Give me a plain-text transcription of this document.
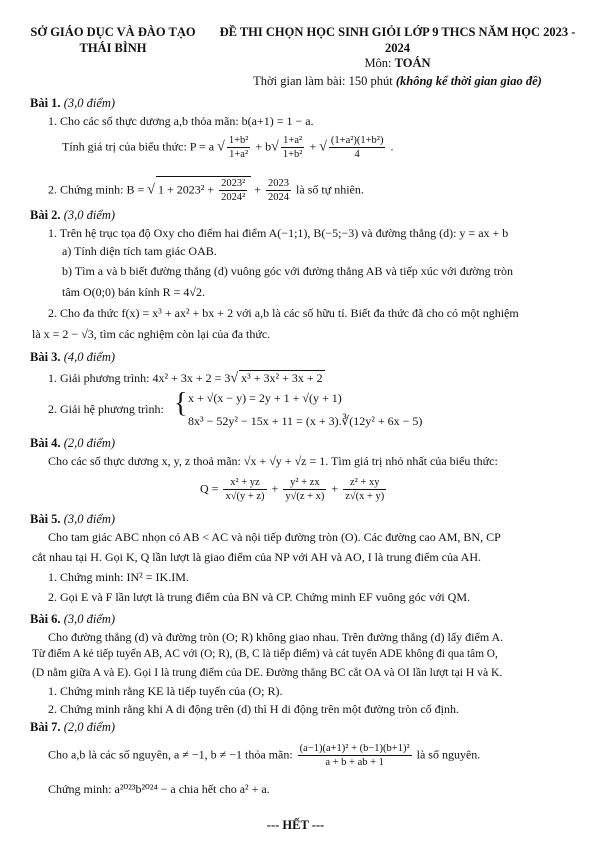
SỞ GIÁO DỤC VÀ ĐÀO TẠO
THÁI BÌNH
ĐỀ THI CHỌN HỌC SINH GIỎI LỚP 9 THCS NĂM HỌC 2023 - 2024
Môn: TOÁN
Thời gian làm bài: 150 phút (không kể thời gian giao đề)
Bài 1. (3,0 điểm)
1. Cho các số thực dương a,b thỏa mãn: b(a+1) = 1 − a.
Tính giá trị của biểu thức: P = a √ $\frac{\text{1+b²}}{\text{1+a²}} + b√ \frac{\text{1+a²}}{\text{1+b²}}$ + √ $\frac{\text{(1+a²)(1+b²)}}{4}$ .
2. Chứng minh: B = √ $1 + 2023^2 + \frac{\text{2023²}}{\text{2024²}} + \frac{2023}{2024}$ là số tự nhiên.
Bài 2. (3,0 điểm)
1. Trên hệ trục tọa độ Oxy cho điểm hai điểm A(−1;1), B(−5;−3) và đường thẳng (d): y = ax + b
a) Tính diện tích tam giác OAB.
b) Tìm a và b biết đường thẳng (d) vuông góc với đường thẳng AB và tiếp xúc với đường tròn
tâm O(0;0) bán kính R = 4√2.
2. Cho đa thức f(x) = x³ + ax² + bx + 2 với a,b là các số hữu tỉ. Biết đa thức đã cho có một nghiệm
là x = 2 − √3, tìm các nghiệm còn lại của đa thức.
Bài 3. (4,0 điểm)
1. Giải phương trình: 4x² + 3x + 2 = 3√ x³ + 3x² + 3x + 2
2. Giải hệ phương trình: { x + √(x − y) = 2y + 1 + √(y + 1)
8x³ − 52y² − 15x + 11 = (x + 3).∛(12y² + 6x − 5)
Bài 4. (2,0 điểm)
Cho các số thực dương x, y, z thoả mãn: √x + √y + √z = 1. Tìm giá trị nhỏ nhất của biểu thức:
$Q = \frac{\text{x² + yz}}{x√(y + z)} + \frac{\text{y² + zx}}{y√(z + x)} + \frac{\text{z² + xy}}{z√(x + y)}$
Bài 5. (3,0 điểm)
Cho tam giác ABC nhọn có AB < AC và nội tiếp đường tròn (O). Các đường cao AM, BN, CP
cắt nhau tại H. Gọi K, Q lần lượt là giao điểm của NP với AH và AO, I là trung điểm của AH.
1. Chứng minh: IN² = IK.IM.
2. Gọi E và F lần lượt là trung điểm của BN và CP. Chứng minh EF vuông góc với QM.
Bài 6. (3,0 điểm)
Cho đường thẳng (d) và đường tròn (O; R) không giao nhau. Trên đường thẳng (d) lấy điểm A.
Từ điểm A kẻ tiếp tuyến AB, AC với (O; R), (B, C là tiếp điểm) và cát tuyến ADE không đi qua tâm O,
(D nằm giữa A và E). Gọi I là trung điểm của DE. Đường thẳng BC cắt OA và OI lần lượt tại H và K.
1. Chứng minh rằng KE là tiếp tuyến của (O; R).
2. Chứng minh rằng khi A di động trên (d) thì H di động trên một đường tròn cố định.
Bài 7. (2,0 điểm)
Cho a,b là các số nguyên, a ≠ −1, b ≠ −1 thỏa mãn: $\frac{\text{(a−1)(a+1)² + (b−1)(b+1)²}}{a + b + ab + 1}$ là số nguyên.
Chứng minh: a²⁰²³b²⁰²⁴ − a chia hết cho a² + a.
--- HẾT ---
